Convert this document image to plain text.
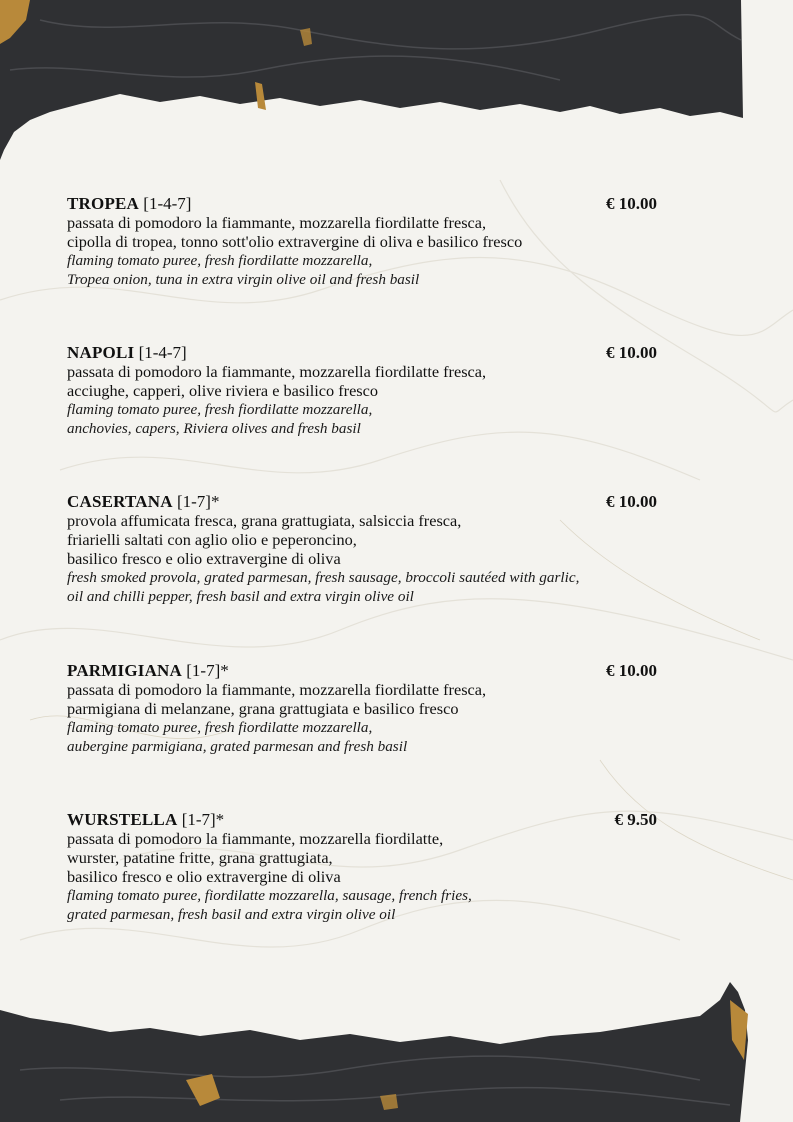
TROPEA [1-4-7]	€ 10.00
passata di pomodoro la fiammante, mozzarella fiordilatte fresca,
cipolla di tropea, tonno sott'olio extravergine di oliva e basilico fresco
flaming tomato puree, fresh fiordilatte mozzarella,
Tropea onion, tuna in extra virgin olive oil and fresh basil
NAPOLI [1-4-7]	€ 10.00
passata di pomodoro la fiammante, mozzarella fiordilatte fresca,
acciughe, capperi, olive riviera e basilico fresco
flaming tomato puree, fresh fiordilatte mozzarella,
anchovies, capers, Riviera olives and fresh basil
CASERTANA [1-7]*	€ 10.00
provola affumicata fresca, grana grattugiata, salsiccia fresca,
friarielli saltati con aglio olio e peperoncino,
basilico fresco e olio extravergine di oliva
fresh smoked provola, grated parmesan, fresh sausage, broccoli sautéed with garlic,
oil and chilli pepper, fresh basil and extra virgin olive oil
PARMIGIANA [1-7]*	€ 10.00
passata di pomodoro la fiammante, mozzarella fiordilatte fresca,
parmigiana di melanzane, grana grattugiata e basilico fresco
flaming tomato puree, fresh fiordilatte mozzarella,
aubergine parmigiana, grated parmesan and fresh basil
WURSTELLA [1-7]*	€ 9.50
passata di pomodoro la fiammante, mozzarella fiordilatte,
wurster, patatine fritte, grana grattugiata,
basilico fresco e olio extravergine di oliva
flaming tomato puree, fiordilatte mozzarella, sausage, french fries,
grated parmesan, fresh basil and extra virgin olive oil
